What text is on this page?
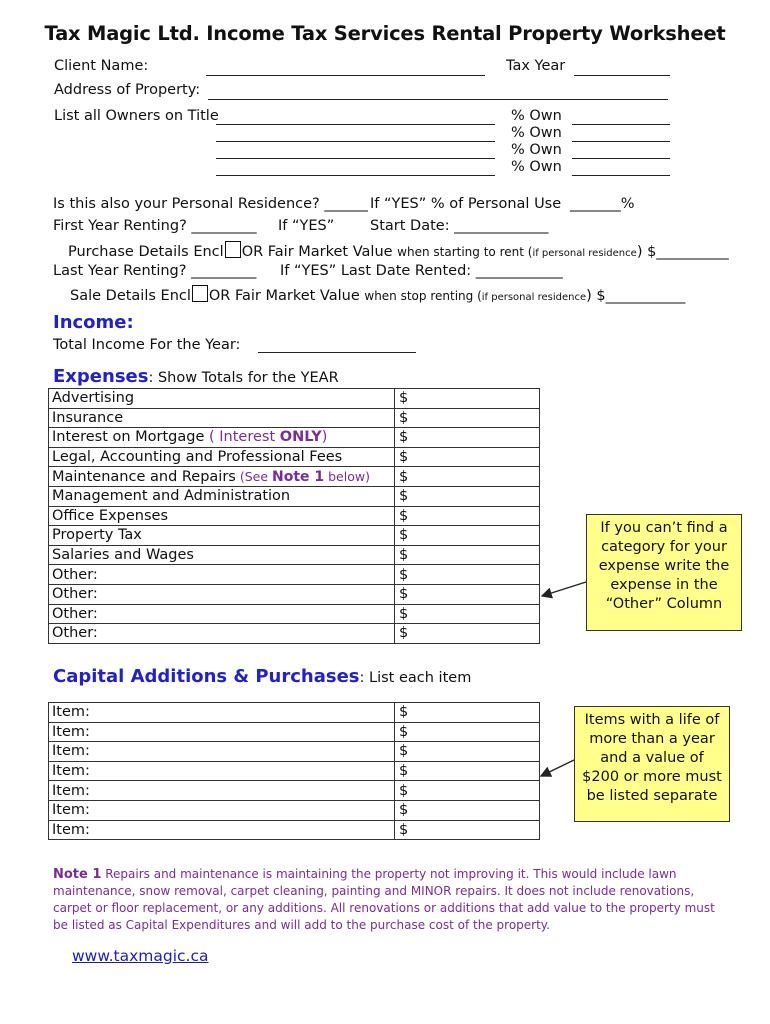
Tax Magic Ltd. Income Tax Services Rental Property Worksheet
Client Name:	Tax Year
Address of Property:
List all Owners on Title	% Own
% Own
% Own
% Own
Is this also your Personal Residence? ______ If “YES” % of Personal Use _______%
First Year Renting? _________ If “YES” Start Date: _____________
Purchase Details Encl OR Fair Market Value when starting to rent (if personal residence) $__________
Last Year Renting? _________ If “YES” Last Date Rented: ____________
Sale Details Encl OR Fair Market Value when stop renting (if personal residence) $___________
Income:
Total Income For the Year:
Expenses: Show Totals for the YEAR
Advertising	$
Insurance	$
Interest on Mortgage ( Interest ONLY)	$
Legal, Accounting and Professional Fees	$
Maintenance and Repairs (See Note 1 below)	$
Management and Administration	$
Office Expenses	$
Property Tax	$
Salaries and Wages	$
Other:	$
Other:	$
Other:	$
Other:	$
If you can’t find a category for your expense write the expense in the “Other” Column
Capital Additions & Purchases: List each item
Item:	$
Item:	$
Item:	$
Item:	$
Item:	$
Item:	$
Item:	$
Items with a life of more than a year and a value of $200 or more must be listed separate
Note 1 Repairs and maintenance is maintaining the property not improving it. This would include lawn maintenance, snow removal, carpet cleaning, painting and MINOR repairs. It does not include renovations, carpet or floor replacement, or any additions. All renovations or additions that add value to the property must be listed as Capital Expenditures and will add to the purchase cost of the property.
www.taxmagic.ca
